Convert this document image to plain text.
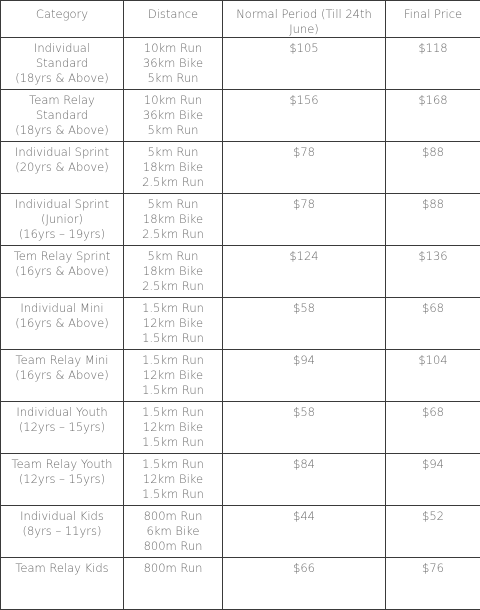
Category	Distance	Normal Period (Till 24th June)	Final Price

Individual
Standard
(18yrs & Above)	10km Run
36km Bike
5km Run	$105	$118

Team Relay
Standard
(18yrs & Above)	10km Run
36km Bike
5km Run	$156	$168

Individual Sprint
(20yrs & Above)	5km Run
18km Bike
2.5km Run	$78	$88

Individual Sprint
(Junior)
(16yrs – 19yrs)	5km Run
18km Bike
2.5km Run	$78	$88

Tem Relay Sprint
(16yrs & Above)	5km Run
18km Bike
2.5km Run	$124	$136

Individual Mini
(16yrs & Above)	1.5km Run
12km Bike
1.5km Run	$58	$68

Team Relay Mini
(16yrs & Above)	1.5km Run
12km Bike
1.5km Run	$94	$104

Individual Youth
(12yrs – 15yrs)	1.5km Run
12km Bike
1.5km Run	$58	$68

Team Relay Youth
(12yrs – 15yrs)	1.5km Run
12km Bike
1.5km Run	$84	$94

Individual Kids
(8yrs – 11yrs)	800m Run
6km Bike
800m Run	$44	$52

Team Relay Kids	800m Run	$66	$76
